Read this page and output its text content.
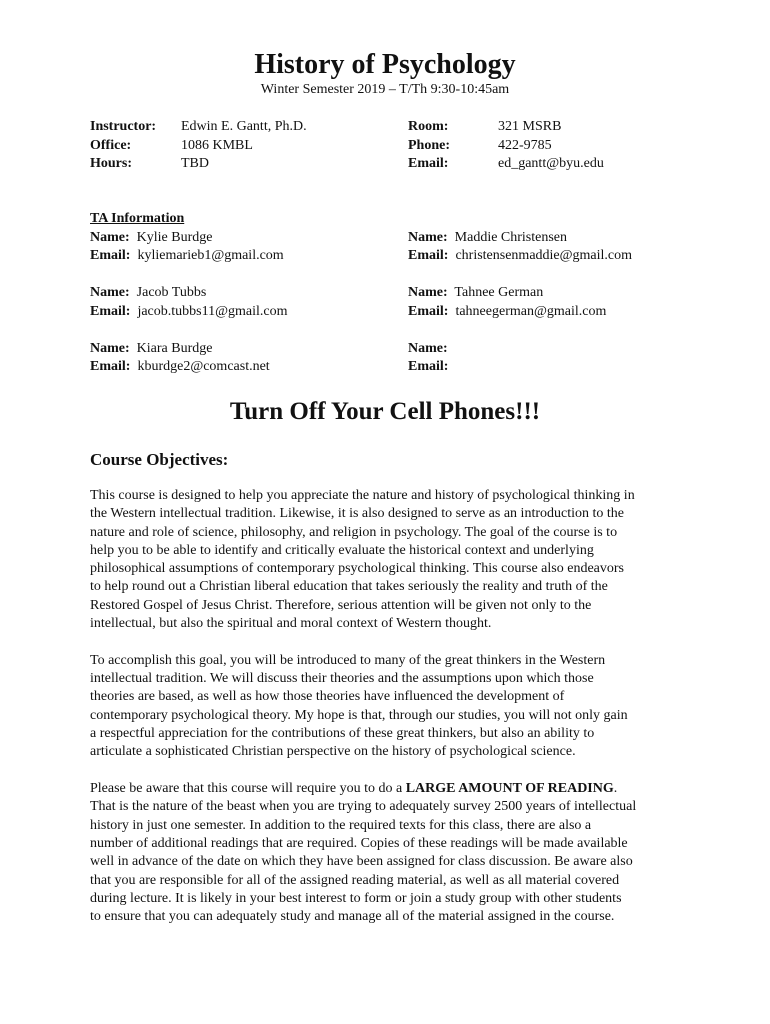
History of Psychology
Winter Semester 2019 – T/Th 9:30-10:45am
Instructor: Edwin E. Gantt, Ph.D.	Room:	321 MSRB
Office:	1086 KMBL	Phone:	422-9785
Hours:	TBD	Email:	ed_gantt@byu.edu
TA Information
Name: Kylie Burdge	Name: Maddie Christensen
Email: kyliemarieb1@gmail.com	Email: christensenmaddie@gmail.com
Name: Jacob Tubbs	Name: Tahnee German
Email: jacob.tubbs11@gmail.com	Email: tahneegerman@gmail.com
Name: Kiara Burdge	Name:
Email: kburdge2@comcast.net	Email:
Turn Off Your Cell Phones!!!
Course Objectives:

This course is designed to help you appreciate the nature and history of psychological thinking in
the Western intellectual tradition. Likewise, it is also designed to serve as an introduction to the
nature and role of science, philosophy, and religion in psychology. The goal of the course is to
help you to be able to identify and critically evaluate the historical context and underlying
philosophical assumptions of contemporary psychological thinking. This course also endeavors
to help round out a Christian liberal education that takes seriously the reality and truth of the
Restored Gospel of Jesus Christ. Therefore, serious attention will be given not only to the
intellectual, but also the spiritual and moral context of Western thought.

To accomplish this goal, you will be introduced to many of the great thinkers in the Western
intellectual tradition. We will discuss their theories and the assumptions upon which those
theories are based, as well as how those theories have influenced the development of
contemporary psychological theory. My hope is that, through our studies, you will not only gain
a respectful appreciation for the contributions of these great thinkers, but also an ability to
articulate a sophisticated Christian perspective on the history of psychological science.

Please be aware that this course will require you to do a LARGE AMOUNT OF READING.
That is the nature of the beast when you are trying to adequately survey 2500 years of intellectual
history in just one semester. In addition to the required texts for this class, there are also a
number of additional readings that are required. Copies of these readings will be made available
well in advance of the date on which they have been assigned for class discussion. Be aware also
that you are responsible for all of the assigned reading material, as well as all material covered
during lecture. It is likely in your best interest to form or join a study group with other students
to ensure that you can adequately study and manage all of the material assigned in the course.
